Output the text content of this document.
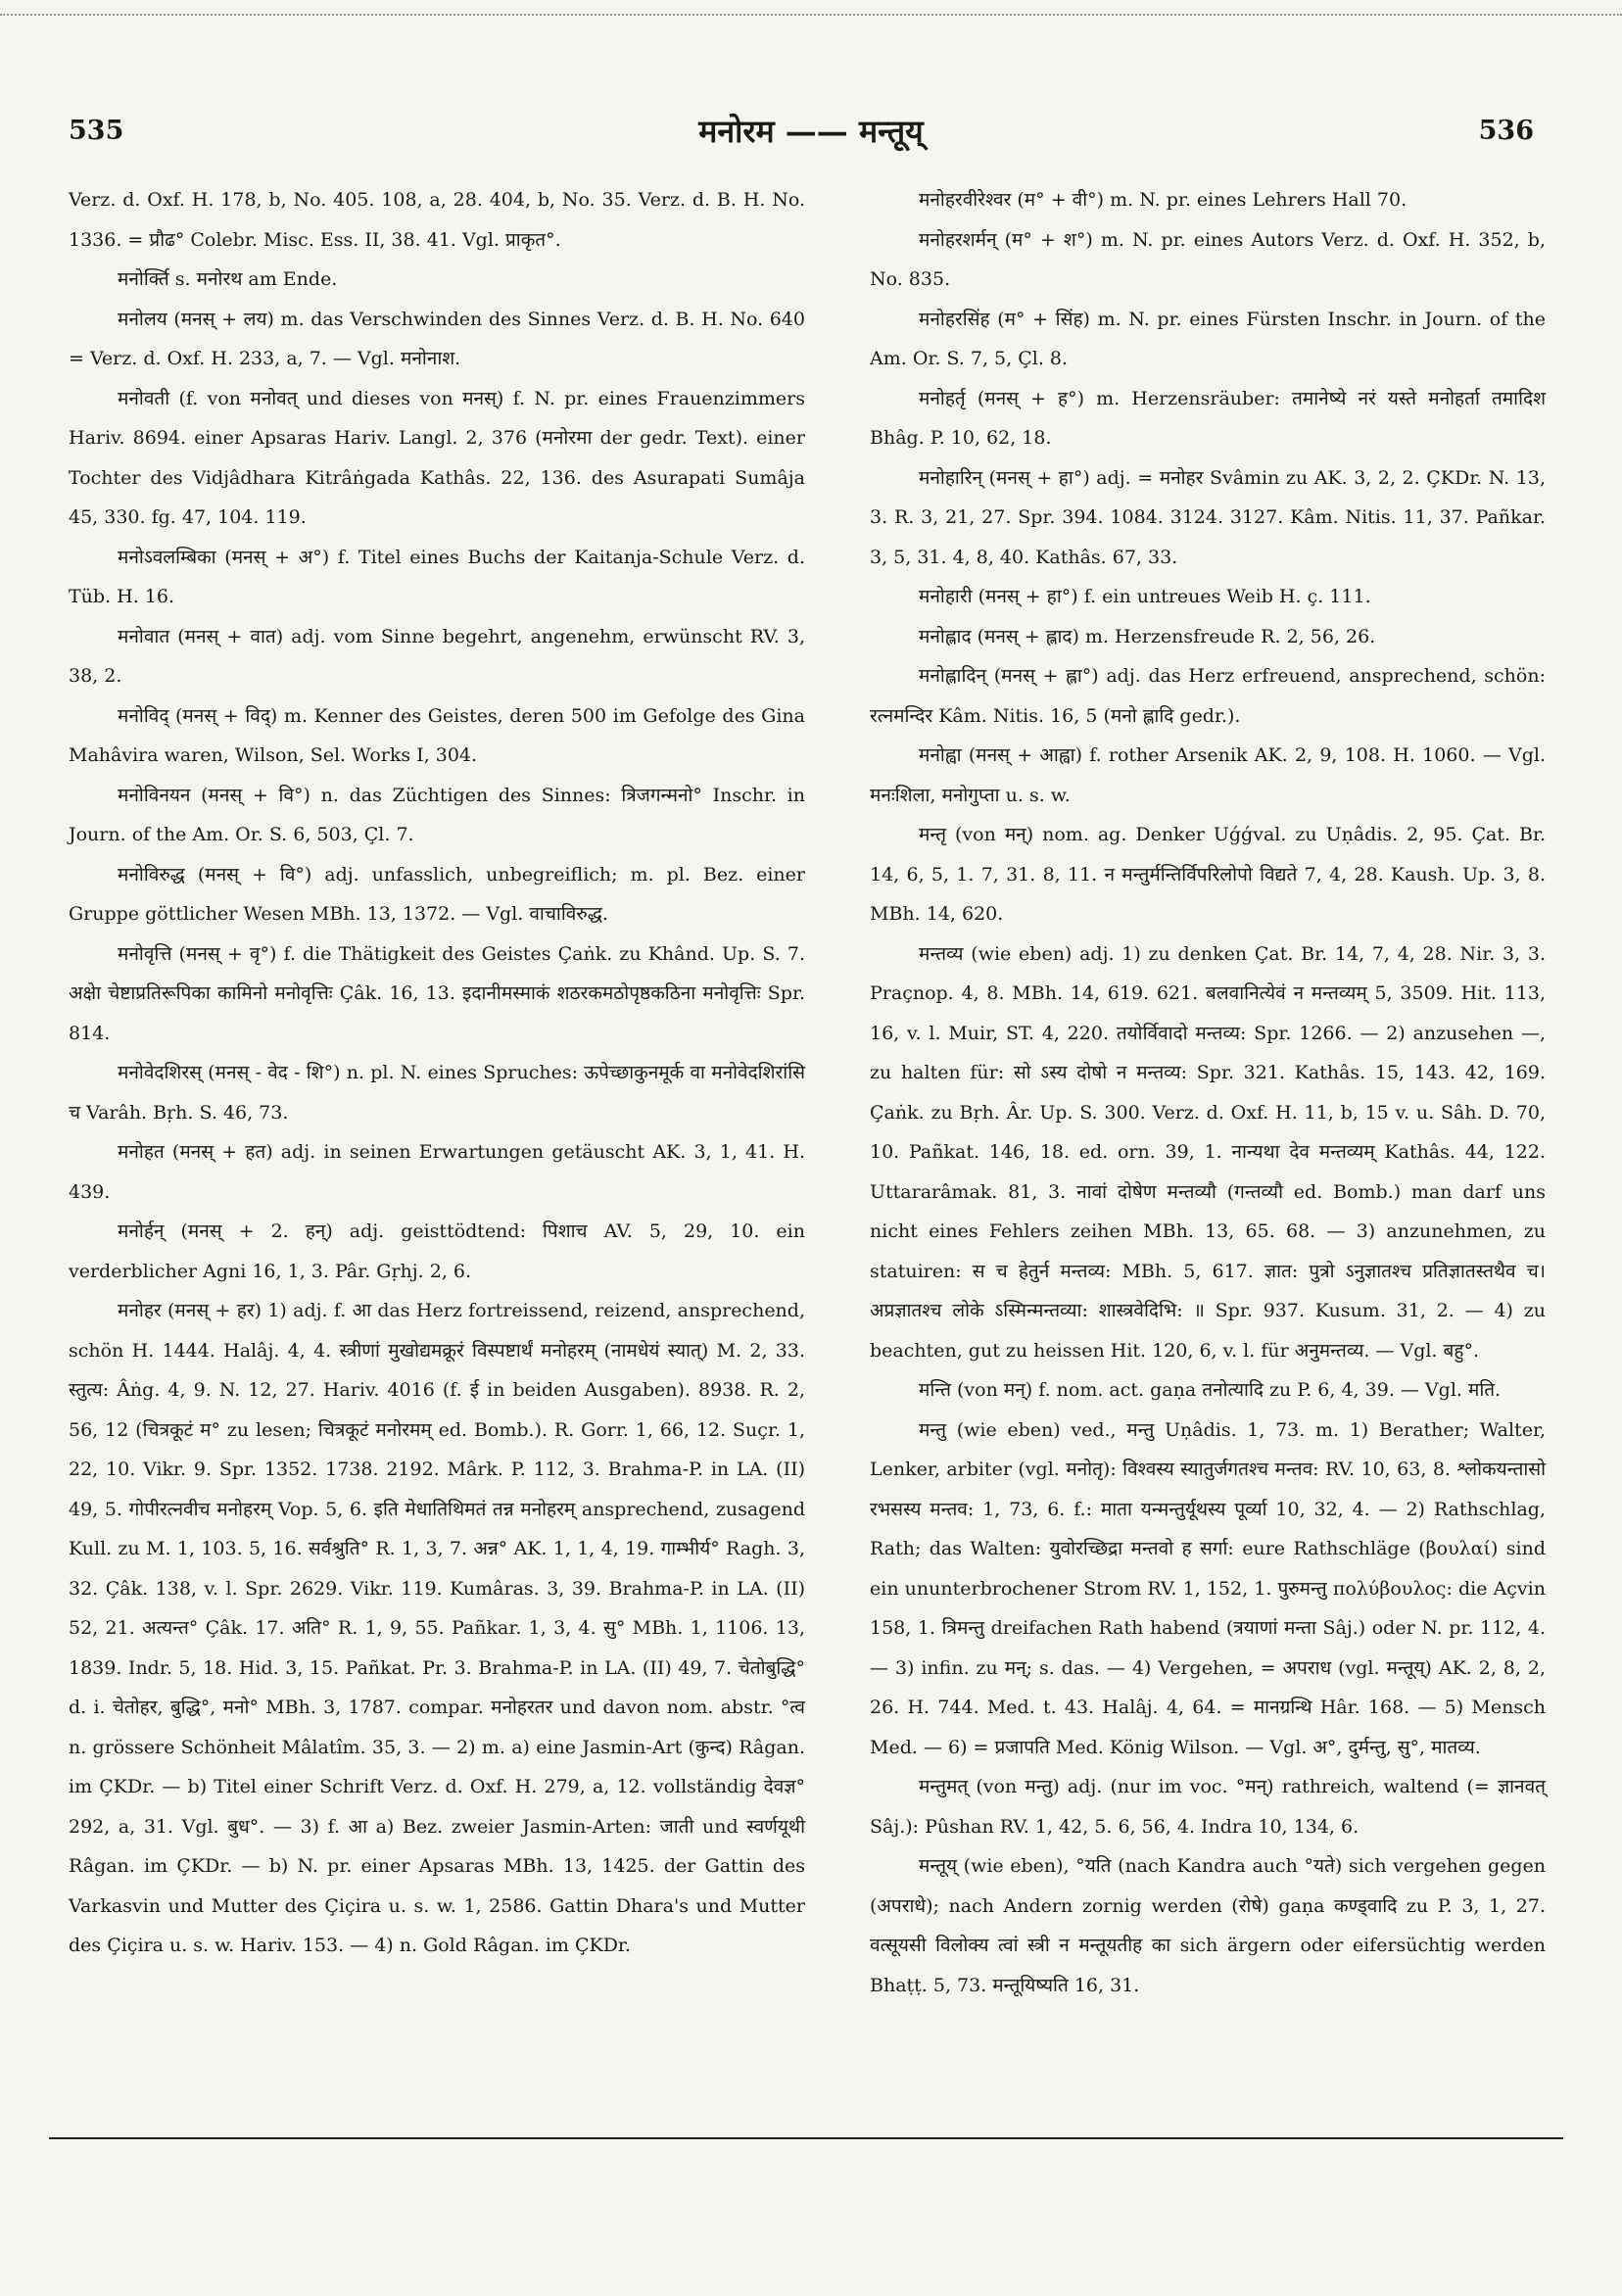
535	मनोरम —— मन्तूय्	536

Verz. d. Oxf. H. 178, b, No. 405. 108, a, 28. 404, b, No. 35. Verz. d. B. H. No. 1336. = प्रौढ° Colebr. Misc. Ess. II, 38. 41. Vgl. प्राकृत°.

मनोर्क्ति s. मनोरथ am Ende.

मनोलय (मनस् + लय) m. das Verschwinden des Sinnes Verz. d. B. H. No. 640 = Verz. d. Oxf. H. 233, a, 7. — Vgl. मनोनाश.

मनोवती (f. von मनोवत् und dieses von मनस्) f. N. pr. eines Frauenzimmers Hariv. 8694. einer Apsaras Hariv. Langl. 2, 376 (मनोरमा der gedr. Text). einer Tochter des Vidjâdhara Kitrâṅgada Kathâs. 22, 136. des Asurapati Sumâja 45, 330. fg. 47, 104. 119.

मनोऽवलम्बिका (मनस् + अ°) f. Titel eines Buchs der Kaitanja-Schule Verz. d. Tüb. H. 16.

मनोवात (मनस् + वात) adj. vom Sinne begehrt, angenehm, erwünscht RV. 3, 38, 2.

मनोविद् (मनस् + विद्) m. Kenner des Geistes, deren 500 im Gefolge des Gina Mahâvira waren, Wilson, Sel. Works I, 304.

मनोविनयन (मनस् + वि°) n. das Züchtigen des Sinnes: त्रिजगन्मनो° Inschr. in Journ. of the Am. Or. S. 6, 503, Çl. 7.

मनोविरुद्ध (मनस् + वि°) adj. unfasslich, unbegreiflich; m. pl. Bez. einer Gruppe göttlicher Wesen MBh. 13, 1372. — Vgl. वाचाविरुद्ध.

मनोवृत्ति (मनस् + वृ°) f. die Thätigkeit des Geistes Çaṅk. zu Khând. Up. S. 7. अक्षेा चेष्टाप्रतिरूपिका कामिनो मनोवृत्तिः Çâk. 16, 13. इदानीमस्माकं शठरकमठोपृष्ठकठिना मनोवृत्तिः Spr. 814.

मनोवेदशिरस् (मनस् - वेद - शि°) n. pl. N. eines Spruches: ऊपेच्छाकुनमूर्क वा मनोवेदशिरांसि च Varâh. Bṛh. S. 46, 73.

मनोहत (मनस् + हत) adj. in seinen Erwartungen getäuscht AK. 3, 1, 41. H. 439.

मनोर्हन् (मनस् + 2. हन्) adj. geisttödtend: पिशाच AV. 5, 29, 10. ein verderblicher Agni 16, 1, 3. Pâr. Gṛhj. 2, 6.

मनोहर (मनस् + हर) 1) adj. f. आ das Herz fortreissend, reizend, ansprechend, schön H. 1444. Halâj. 4, 4. स्त्रीणां मुखोद्यमक्रूरं विस्पष्टार्थं मनोहरम् (नामधेयं स्यात्) M. 2, 33. स्तुत्य: Âṅg. 4, 9. N. 12, 27. Hariv. 4016 (f. ई in beiden Ausgaben). 8938. R. 2, 56, 12 (चित्रकूटं म° zu lesen; चित्रकूटं मनोरमम् ed. Bomb.). R. Gorr. 1, 66, 12. Suçr. 1, 22, 10. Vikr. 9. Spr. 1352. 1738. 2192. Mârk. P. 112, 3. Brahma-P. in LA. (II) 49, 5. गोपीरत्नवीच मनोहरम् Vop. 5, 6. इति मेधातिथिमतं तन्न मनोहरम् ansprechend, zusagend Kull. zu M. 1, 103. 5, 16. सर्वश्रुति° R. 1, 3, 7. अन्न° AK. 1, 1, 4, 19. गाम्भीर्य° Ragh. 3, 32. Çâk. 138, v. l. Spr. 2629. Vikr. 119. Kumâras. 3, 39. Brahma-P. in LA. (II) 52, 21. अत्यन्त° Çâk. 17. अति° R. 1, 9, 55. Pañkar. 1, 3, 4. सु° MBh. 1, 1106. 13, 1839. Indr. 5, 18. Hid. 3, 15. Pañkat. Pr. 3. Brahma-P. in LA. (II) 49, 7. चेतोबुद्धि° d. i. चेतोहर, बुद्धि°, मनो° MBh. 3, 1787. compar. मनोहरतर und davon nom. abstr. °त्व n. grössere Schönheit Mâlatîm. 35, 3. — 2) m. a) eine Jasmin-Art (कुन्द) Râgan. im ÇKDr. — b) Titel einer Schrift Verz. d. Oxf. H. 279, a, 12. vollständig देवज्ञ° 292, a, 31. Vgl. बुध°. — 3) f. आ a) Bez. zweier Jasmin-Arten: जाती und स्वर्णयूथी Râgan. im ÇKDr. — b) N. pr. einer Apsaras MBh. 13, 1425. der Gattin des Varkasvin und Mutter des Çiçira u. s. w. 1, 2586. Gattin Dhara's und Mutter des Çiçira u. s. w. Hariv. 153. — 4) n. Gold Râgan. im ÇKDr.

मनोहरवीरेश्वर (म° + वी°) m. N. pr. eines Lehrers Hall 70.

मनोहरशर्मन् (म° + श°) m. N. pr. eines Autors Verz. d. Oxf. H. 352, b, No. 835.

मनोहरसिंह (म° + सिंह) m. N. pr. eines Fürsten Inschr. in Journ. of the Am. Or. S. 7, 5, Çl. 8.

मनोहर्तृ (मनस् + ह°) m. Herzensräuber: तमानेष्ये नरं यस्ते मनोहर्ता तमादिश Bhâg. P. 10, 62, 18.

मनोहारिन् (मनस् + हा°) adj. = मनोहर Svâmin zu AK. 3, 2, 2. ÇKDr. N. 13, 3. R. 3, 21, 27. Spr. 394. 1084. 3124. 3127. Kâm. Nitis. 11, 37. Pañkar. 3, 5, 31. 4, 8, 40. Kathâs. 67, 33.

मनोहारी (मनस् + हा°) f. ein untreues Weib H. ç. 111.

मनोह्लाद (मनस् + ह्लाद) m. Herzensfreude R. 2, 56, 26.

मनोह्लादिन् (मनस् + ह्ला°) adj. das Herz erfreuend, ansprechend, schön: रत्नमन्दिर Kâm. Nitis. 16, 5 (मनो ह्लादि gedr.).

मनोह्वा (मनस् + आह्वा) f. rother Arsenik AK. 2, 9, 108. H. 1060. — Vgl. मनःशिला, मनोगुप्ता u. s. w.

मन्तृ (von मन्) nom. ag. Denker Uǵǵval. zu Uṇâdis. 2, 95. Çat. Br. 14, 6, 5, 1. 7, 31. 8, 11. न मन्तुर्मन्तिर्विपरिलोपो विद्यते 7, 4, 28. Kaush. Up. 3, 8. MBh. 14, 620.

मन्तव्य (wie eben) adj. 1) zu denken Çat. Br. 14, 7, 4, 28. Nir. 3, 3. Praçnop. 4, 8. MBh. 14, 619. 621. बलवानित्येवं न मन्तव्यम् 5, 3509. Hit. 113, 16, v. l. Muir, ST. 4, 220. तयोर्विवादो मन्तव्य: Spr. 1266. — 2) anzusehen —, zu halten für: सो ऽस्य दोषो न मन्तव्य: Spr. 321. Kathâs. 15, 143. 42, 169. Çaṅk. zu Bṛh. Âr. Up. S. 300. Verz. d. Oxf. H. 11, b, 15 v. u. Sâh. D. 70, 10. Pañkat. 146, 18. ed. orn. 39, 1. नान्यथा देव मन्तव्यम् Kathâs. 44, 122. Uttararâmak. 81, 3. नावां दोषेण मन्तव्यौ (गन्तव्यौ ed. Bomb.) man darf uns nicht eines Fehlers zeihen MBh. 13, 65. 68. — 3) anzunehmen, zu statuiren: स च हेतुर्न मन्तव्य: MBh. 5, 617. ज्ञात: पुत्रो ऽनुज्ञातश्च प्रतिज्ञातस्तथैव च। अप्रज्ञातश्च लोके ऽस्मिन्मन्तव्या: शास्त्रवेदिभि: ॥ Spr. 937. Kusum. 31, 2. — 4) zu beachten, gut zu heissen Hit. 120, 6, v. l. für अनुमन्तव्य. — Vgl. बहु°.

मन्ति (von मन्) f. nom. act. gaṇa तनोत्यादि zu P. 6, 4, 39. — Vgl. मति.

मन्तु (wie eben) ved., मन्तु Uṇâdis. 1, 73. m. 1) Berather; Walter, Lenker, arbiter (vgl. मनोतृ): विश्वस्य स्यातुर्जगतश्च मन्तव: RV. 10, 63, 8. श्लोकयन्तासो रभसस्य मन्तव: 1, 73, 6. f.: माता यन्मन्तुर्यूथस्य पूर्व्या 10, 32, 4. — 2) Rathschlag, Rath; das Walten: युवोरच्छिद्रा मन्तवो ह सर्गा: eure Rathschläge (βουλαί) sind ein ununterbrochener Strom RV. 1, 152, 1. पुरुमन्तु πολύβουλος: die Açvin 158, 1. त्रिमन्तु dreifachen Rath habend (त्रयाणां मन्ता Sâj.) oder N. pr. 112, 4. — 3) infin. zu मन्; s. das. — 4) Vergehen, = अपराध (vgl. मन्तूय्) AK. 2, 8, 2, 26. H. 744. Med. t. 43. Halâj. 4, 64. = मानग्रन्थि Hâr. 168. — 5) Mensch Med. — 6) = प्रजापति Med. König Wilson. — Vgl. अ°, दुर्मन्तु, सु°, मातव्य.

मन्तुमत् (von मन्तु) adj. (nur im voc. °मन्) rathreich, waltend (= ज्ञानवत् Sâj.): Pûshan RV. 1, 42, 5. 6, 56, 4. Indra 10, 134, 6.

मन्तूय् (wie eben), °यति (nach Kandra auch °यते) sich vergehen gegen (अपराधे); nach Andern zornig werden (रोषे) gaṇa कण्ड्वादि zu P. 3, 1, 27. वत्सूयसी विलोक्य त्वां स्त्री न मन्तूयतीह का sich ärgern oder eifersüchtig werden Bhaṭṭ. 5, 73. मन्तूयिष्यति 16, 31.
